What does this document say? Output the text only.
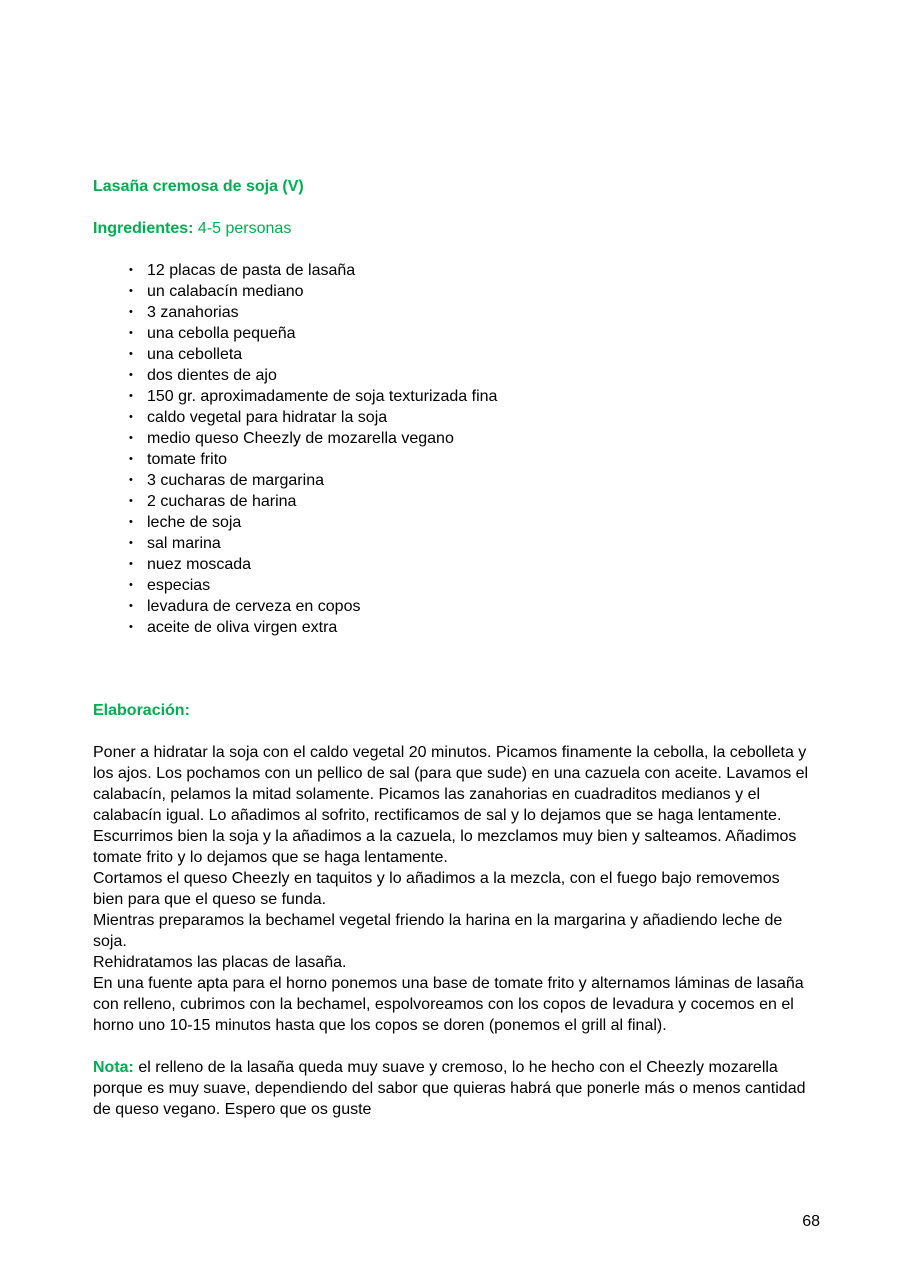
Lasaña cremosa de soja (V)

Ingredientes: 4-5 personas

• 12 placas de pasta de lasaña
• un calabacín mediano
• 3 zanahorias
• una cebolla pequeña
• una cebolleta
• dos dientes de ajo
• 150 gr. aproximadamente de soja texturizada fina
• caldo vegetal para hidratar la soja
• medio queso Cheezly de mozarella vegano
• tomate frito
• 3 cucharas de margarina
• 2 cucharas de harina
• leche de soja
• sal marina
• nuez moscada
• especias
• levadura de cerveza en copos
• aceite de oliva virgen extra

Elaboración:

Poner a hidratar la soja con el caldo vegetal 20 minutos. Picamos finamente la cebolla, la cebolleta y los ajos. Los pochamos con un pellico de sal (para que sude) en una cazuela con aceite. Lavamos el calabacín, pelamos la mitad solamente. Picamos las zanahorias en cuadraditos medianos y el calabacín igual. Lo añadimos al sofrito, rectificamos de sal y lo dejamos que se haga lentamente. Escurrimos bien la soja y la añadimos a la cazuela, lo mezclamos muy bien y salteamos. Añadimos tomate frito y lo dejamos que se haga lentamente.
Cortamos el queso Cheezly en taquitos y lo añadimos a la mezcla, con el fuego bajo removemos bien para que el queso se funda.
Mientras preparamos la bechamel vegetal friendo la harina en la margarina y añadiendo leche de soja.
Rehidratamos las placas de lasaña.
En una fuente apta para el horno ponemos una base de tomate frito y alternamos láminas de lasaña con relleno, cubrimos con la bechamel, espolvoreamos con los copos de levadura y cocemos en el horno uno 10-15 minutos hasta que los copos se doren (ponemos el grill al final).

Nota: el relleno de la lasaña queda muy suave y cremoso, lo he hecho con el Cheezly mozarella porque es muy suave, dependiendo del sabor que quieras habrá que ponerle más o menos cantidad de queso vegano. Espero que os guste

68
